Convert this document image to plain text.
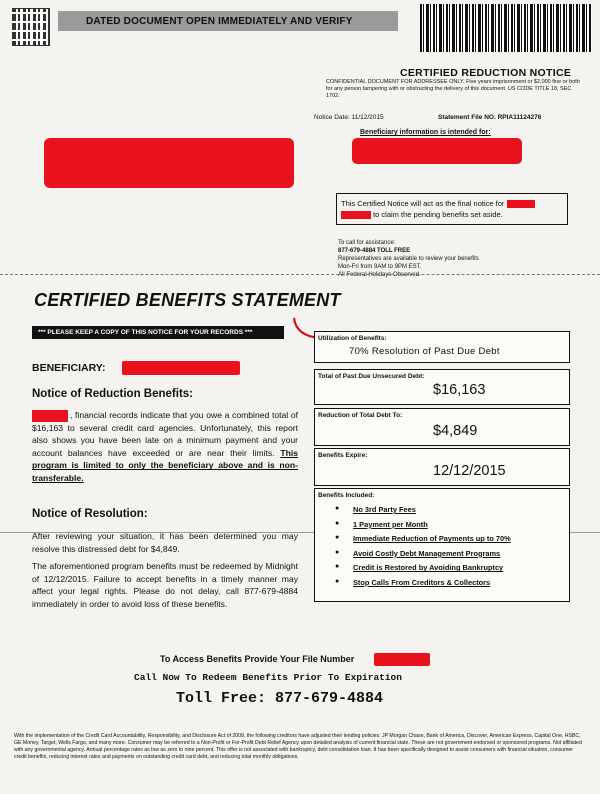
DATED DOCUMENT OPEN IMMEDIATELY AND VERIFY
CERTIFIED REDUCTION NOTICE
CONFIDENTIAL DOCUMENT FOR ADDRESSEE ONLY. Five years imprisonment or $2,000 fine or both for any person tampering with or obstructing the delivery of this document. US CODE TITLE 18, SEC 1702.
Notice Date: 11/12/2015	Statement File NO. RPIA11124276
Beneficiary information is intended for:
This Certified Notice will act as the final notice for
to claim the pending benefits set aside.
To call for assistance:
877-679-4884 TOLL FREE
Representatives are available to review your benefits
Mon-Fri from 9AM to 9PM EST.
All Federal Holidays Observed.
CERTIFIED BENEFITS STATEMENT
*** PLEASE KEEP A COPY OF THIS NOTICE FOR YOUR RECORDS ***
BENEFICIARY:
Notice of Reduction Benefits:
, financial records indicate that you owe a combined total of $16,163 to several credit card agencies. Unfortunately, this report also shows you have been late on a minimum payment and your account balances have exceeded or are near their limits. This program is limited to only the beneficiary above and is non-transferable.
Notice of Resolution:
After reviewing your situation, it has been determined you may resolve this distressed debt for $4,849.
The aforementioned program benefits must be redeemed by Midnight of 12/12/2015. Failure to accept benefits in a timely manner may affect your legal rights. Please do not delay, call 877-679-4884 immediately in order to avoid loss of these benefits.
Utilization of Benefits:
70% Resolution of Past Due Debt
Total of Past Due Unsecured Debt:
$16,163
Reduction of Total Debt To:
$4,849
Benefits Expire:
12/12/2015
Benefits Included:
● No 3rd Party Fees
● 1 Payment per Month
● Immediate Reduction of Payments up to 70%
● Avoid Costly Debt Management Programs
● Credit is Restored by Avoiding Bankruptcy
● Stop Calls From Creditors & Collectors
To Access Benefits Provide Your File Number
Call Now To Redeem Benefits Prior To Expiration
Toll Free: 877-679-4884
With the implementation of the Credit Card Accountability, Responsibility, and Disclosure Act of 2009, the following creditors have adjusted their lending policies: JP Morgan Chase, Bank of America, Discover, American Express, Capital One, HSBC, GE Money, Target, Wells Fargo, and many more. Consumer may be referred to a Non-Profit or For-Profit Debt Relief Agency upon detailed analysis of current financial state. These are not government endorsed or sponsored programs. Not affiliated with any governmental agency. Annual percentage rates as low as zero to nine percent. This offer is not associated with bankruptcy, debt consolidation loan. It has been specifically designed to assist consumers with financial situation, consumer credit benefits, reducing interest rates and payments on outstanding credit card debt, and reducing total monthly obligations.
